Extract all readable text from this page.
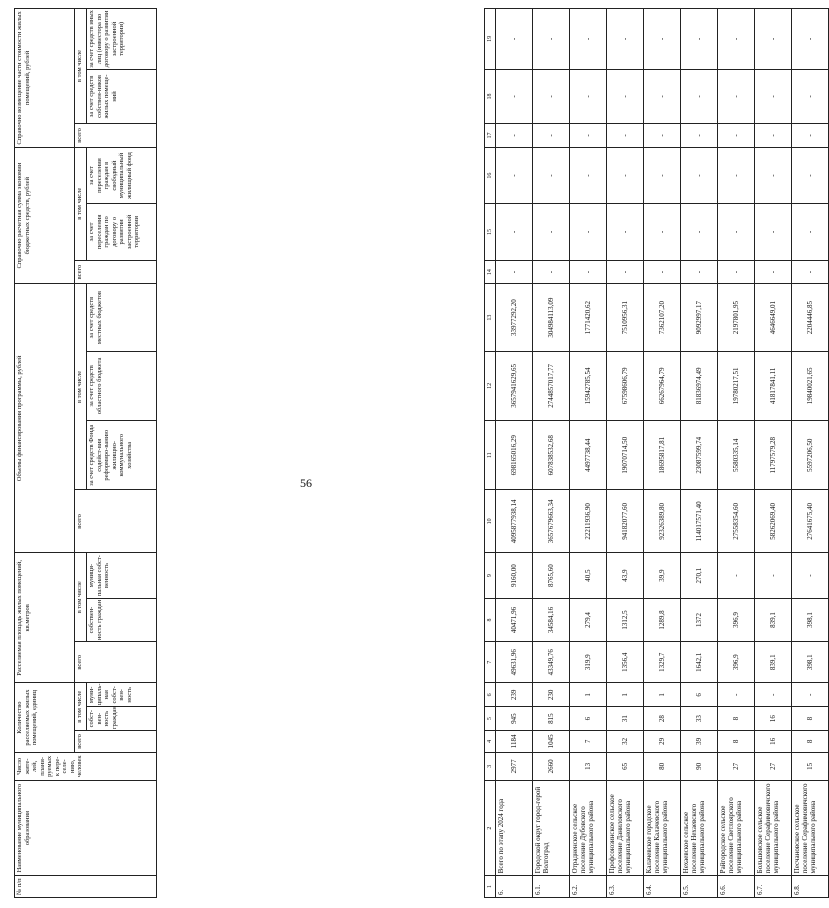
56
№ п/п	Наименование муниципального образования	Число жите-лей, плани-руемых к пере-селе-нию, человек	Количество расселяемых жилых помещений, единиц			Расселяемая площадь жилых помещений, кв.метров			Объемы финансирования программы, рублей				Справочно расчетная сумма экономии бюджетных средств, рублей			Справочно возмещение части стоимости жилых помещений, рублей		
			всего	в том числе		всего	в том числе		всего	в том числе			всего	в том числе		всего	в том числе	
				собст-вен-ность граждан	муни-ципаль-ная собст-вен-ность		собствен-ность граждан	муници-пальная собст-венность		за счет средств Фонда содейст-вия реформиро-ванию жилищно-коммунального хозяйства	за счет средств областного бюджета	за счет средств местных бюджетов		за счет переселения граждан по договору о развитии застроенной территории	за счет переселения граждан в свободный муниципальный жилищный фонд		за счет средств собствен-ников жилых помеще-ний	за счет средств иных лиц (инвестора по договору о развитии застроенной территории)
1	2	3	4	5	6	7	8	9	10	11	12	13	14	15	16	17	18	19
6.	Всего по этапу 2024 года	2977	1184	945	239	49631,96	40471,96	9160,00	4095877938,14	698165016,29	3657941629,65	33977292,20	-	-	-	-	-	-
6.1.	Городской округ город-герой Волгоград	2660	1045	815	230	43349,76	34584,16	8765,60	3657679663,34	607838532,68	2744857017,77	304984113,09	-	-	-	-	-	-
6.2.	Отрадненское сельское поселение Дубовского муниципального района	13	7	6	1	319,9	279,4	40,5	22211936,90	4497738,44	15942785,54	1771420,62	-	-	-	-	-	-
6.3.	Профсоюзинское сельское поселение Даниловского муниципального района	65	32	31	1	1356,4	1312,5	43,9	94182077,60	19070714,50	67598606,79	7510956,31	-	-	-	-	-	-
6.4.	Калачевское городское поселение Калачевского муниципального района	80	29	28	1	1329,7	1289,8	39,9	92326389,80	18695817,81	66267964,79	7362107,20	-	-	-	-	-	-
6.5.	Нехаевское сельское поселение Нехаевского муниципального района	90	39	33	6	1642,1	1372	270,1	114017571,40	23087599,74	81836974,49	9092997,17	-	-	-	-	-	-
6.6.	Райгородское сельское поселение Светлоярского муниципального района	27	8	8	-	396,9	396,9	-	27558354,60	5580335,14	19780217,51	2197801,95	-	-	-	-	-	-
6.7.	Большовское сельское поселение Серафимовичского муниципального района	27	16	16	-	839,1	839,1	-	58262069,40	11797579,28	41817841,11	4646649,01	-	-	-	-	-	-
6.8.	Песчановское сельское поселение Серафимовичского муниципального района	15	8	8	-	398,1	398,1	-	27641675,40	5597206,50	19840021,65	2204446,85	-	-	-	-	-	-
